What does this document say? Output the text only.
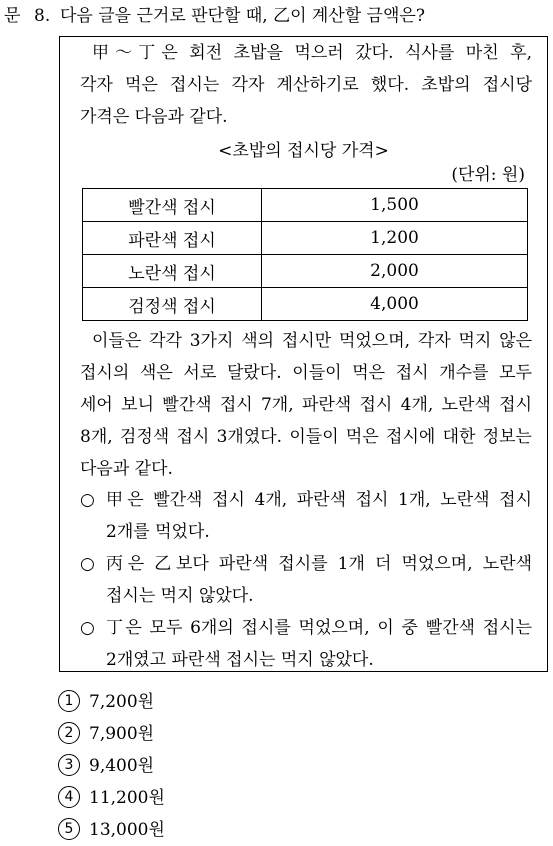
문 8. 다음 글을 근거로 판단할 때, 乙이 계산할 금액은?
甲～丁은 회전 초밥을 먹으러 갔다. 식사를 마친 후,
각자 먹은 접시는 각자 계산하기로 했다. 초밥의 접시당
가격은 다음과 같다.
<초밥의 접시당 가격>
(단위: 원)
빨간색 접시	1,500
파란색 접시	1,200
노란색 접시	2,000
검정색 접시	4,000
이들은 각각 3가지 색의 접시만 먹었으며, 각자 먹지 않은
접시의 색은 서로 달랐다. 이들이 먹은 접시 개수를 모두
세어 보니 빨간색 접시 7개, 파란색 접시 4개, 노란색 접시
8개, 검정색 접시 3개였다. 이들이 먹은 접시에 대한 정보는
다음과 같다.
○ 甲은 빨간색 접시 4개, 파란색 접시 1개, 노란색 접시
2개를 먹었다.
○ 丙은 乙보다 파란색 접시를 1개 더 먹었으며, 노란색
접시는 먹지 않았다.
○ 丁은 모두 6개의 접시를 먹었으며, 이 중 빨간색 접시는
2개였고 파란색 접시는 먹지 않았다.
1 7,200원
2 7,900원
3 9,400원
4 11,200원
5 13,000원
